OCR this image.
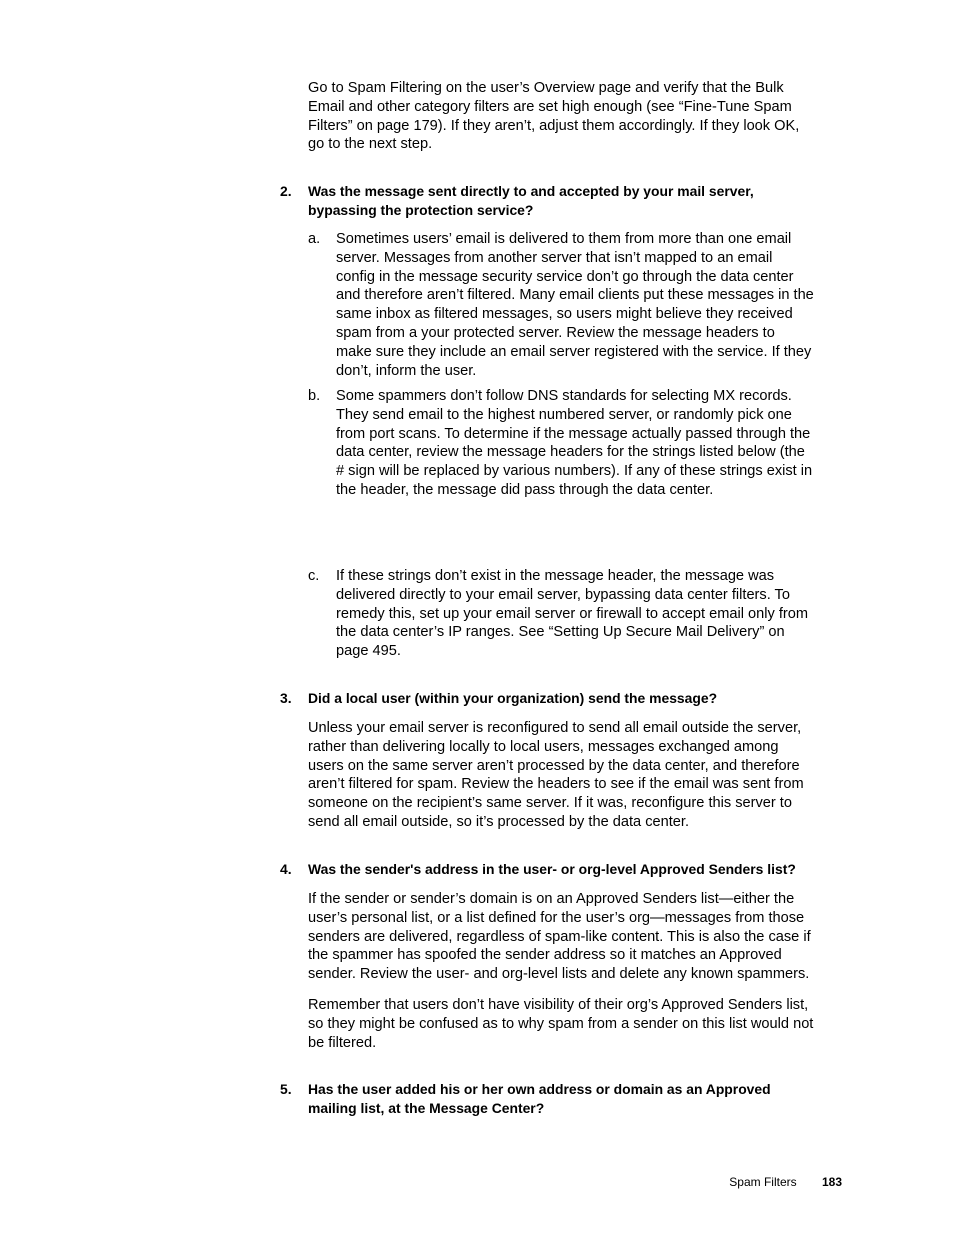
Go to Spam Filtering on the user’s Overview page and verify that the Bulk
Email and other category filters are set high enough (see “Fine-Tune Spam
Filters” on page 179). If they aren’t, adjust them accordingly. If they look OK,
go to the next step.

2.	Was the message sent directly to and accepted by your mail server,
bypassing the protection service?
a.	Sometimes users’ email is delivered to them from more than one email
server. Messages from another server that isn’t mapped to an email
config in the message security service don’t go through the data center
and therefore aren’t filtered. Many email clients put these messages in the
same inbox as filtered messages, so users might believe they received
spam from a your protected server. Review the message headers to
make sure they include an email server registered with the service. If they
don’t, inform the user.
b.	Some spammers don’t follow DNS standards for selecting MX records.
They send email to the highest numbered server, or randomly pick one
from port scans. To determine if the message actually passed through the
data center, review the message headers for the strings listed below (the
# sign will be replaced by various numbers). If any of these strings exist in
the header, the message did pass through the data center.
c.	If these strings don’t exist in the message header, the message was
delivered directly to your email server, bypassing data center filters. To
remedy this, set up your email server or firewall to accept email only from
the data center’s IP ranges. See “Setting Up Secure Mail Delivery” on
page 495.
3.	Did a local user (within your organization) send the message?

Unless your email server is reconfigured to send all email outside the server,
rather than delivering locally to local users, messages exchanged among
users on the same server aren’t processed by the data center, and therefore
aren’t filtered for spam. Review the headers to see if the email was sent from
someone on the recipient’s same server. If it was, reconfigure this server to
send all email outside, so it’s processed by the data center.

4.	Was the sender's address in the user- or org-level Approved Senders list?

If the sender or sender’s domain is on an Approved Senders list—either the
user’s personal list, or a list defined for the user’s org—messages from those
senders are delivered, regardless of spam-like content. This is also the case if
the spammer has spoofed the sender address so it matches an Approved
sender. Review the user- and org-level lists and delete any known spammers.

Remember that users don’t have visibility of their org’s Approved Senders list,
so they might be confused as to why spam from a sender on this list would not
be filtered.

5.	Has the user added his or her own address or domain as an Approved
mailing list, at the Message Center?
Spam Filters 183
